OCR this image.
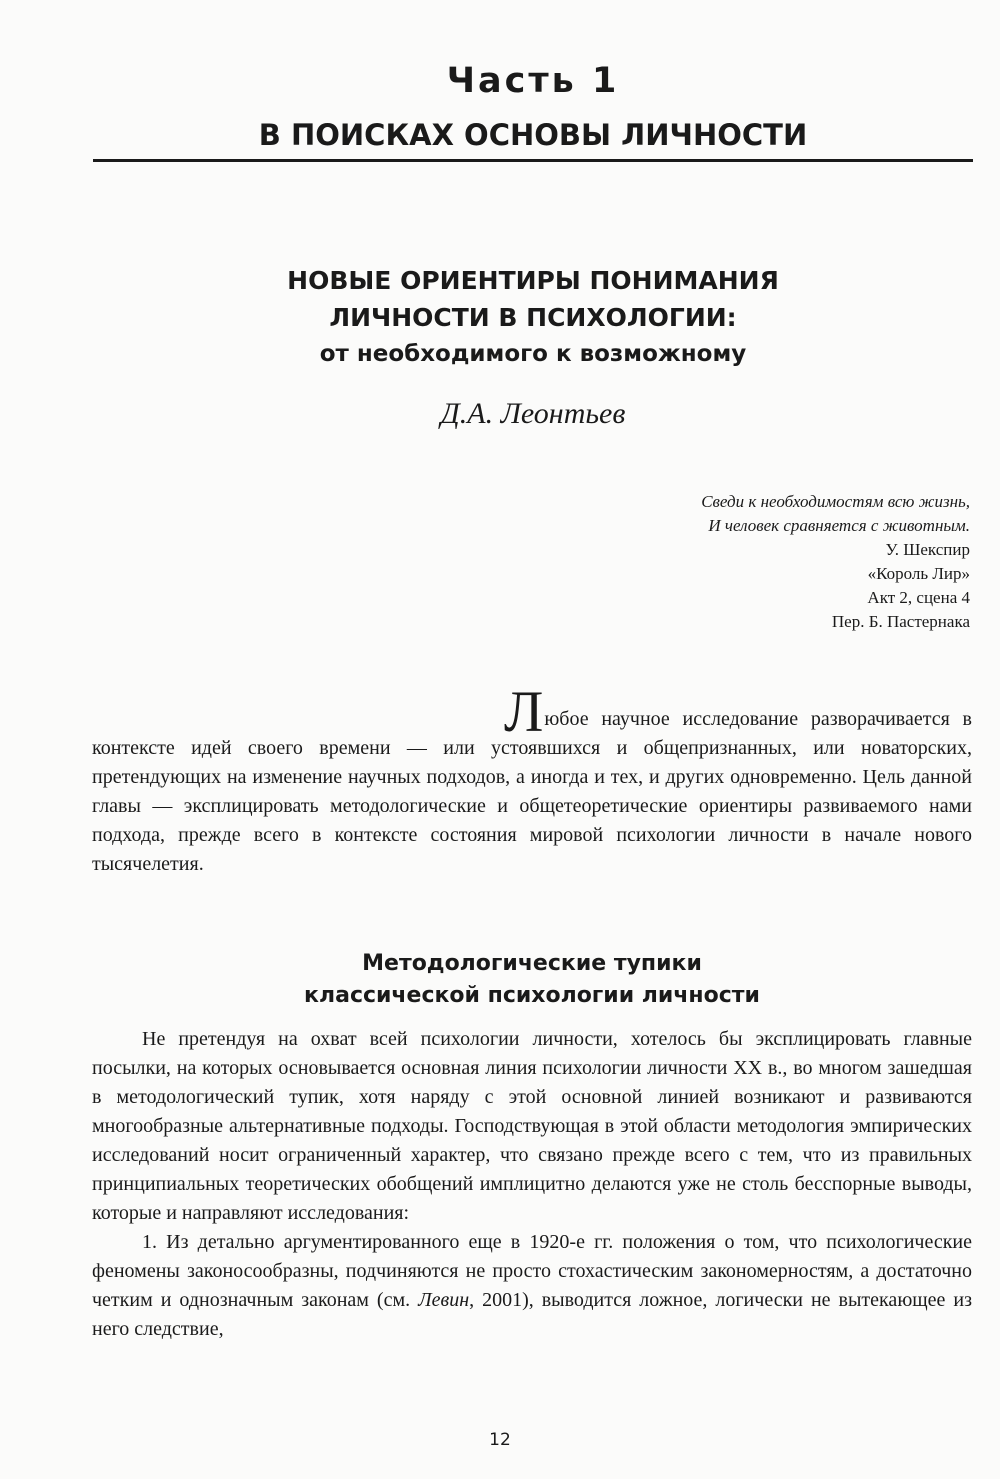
Часть 1
В ПОИСКАХ ОСНОВЫ ЛИЧНОСТИ
НОВЫЕ ОРИЕНТИРЫ ПОНИМАНИЯ
ЛИЧНОСТИ В ПСИХОЛОГИИ:
от необходимого к возможному
Д.А. Леонтьев
Сведи к необходимостям всю жизнь,
И человек сравняется с животным.
У. Шекспир
«Король Лир»
Акт 2, сцена 4
Пер. Б. Пастернака
Любое научное исследование разворачивается в контексте идей своего времени — или устоявшихся и общепризнанных, или новаторских, претендующих на изменение научных подходов, а иногда и тех, и других одновременно. Цель данной главы — эксплицировать методологические и общетеоретические ориентиры развиваемого нами подхода, прежде всего в контексте состояния мировой психологии личности в начале нового тысячелетия.
Методологические тупики
классической психологии личности

Не претендуя на охват всей психологии личности, хотелось бы эксплицировать главные посылки, на которых основывается основная линия психологии личности XX в., во многом зашедшая в методологический тупик, хотя наряду с этой основной линией возникают и развиваются многообразные альтернативные подходы. Господствующая в этой области методология эмпирических исследований носит ограниченный характер, что связано прежде всего с тем, что из правильных принципиальных теоретических обобщений имплицитно делаются уже не столь бесспорные выводы, которые и направляют исследования:

1. Из детально аргументированного еще в 1920-е гг. положения о том, что психологические феномены законосообразны, подчиняются не просто стохастическим закономерностям, а достаточно четким и однозначным законам (см. Левин, 2001), выводится ложное, логически не вытекающее из него следствие,

12
